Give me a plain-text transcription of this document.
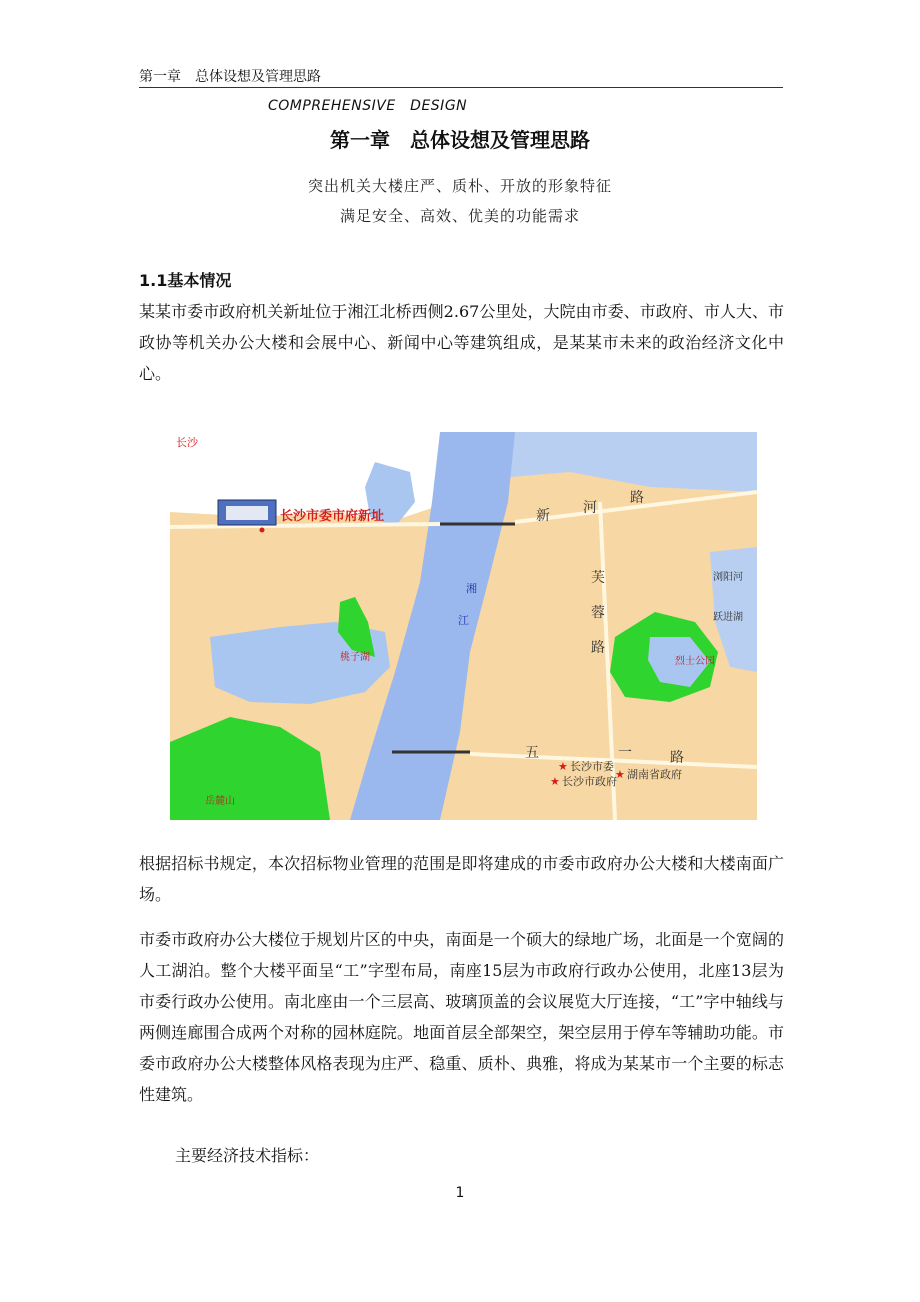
第一章　总体设想及管理思路
COMPREHENSIVE　DESIGN
第一章　总体设想及管理思路
突出机关大楼庄严、质朴、开放的形象特征
满足安全、高效、优美的功能需求
1.1基本情况
某某市委市政府机关新址位于湘江北桥西侧2.67公里处，大院由市委、市政府、市人大、市政协等机关办公大楼和会展中心、新闻中心等建筑组成，是某某市未来的政治经济文化中心。
长沙
长沙市委市府新址
湘
江
新 河
路
芙
蓉
路
五	一	路
浏阳河
跃进湖
烈士公园
桃子湖
岳麓山
★ 长沙市委
★ 长沙市政府
★ 湖南省政府
根据招标书规定，本次招标物业管理的范围是即将建成的市委市政府办公大楼和大楼南面广场。
市委市政府办公大楼位于规划片区的中央，南面是一个硕大的绿地广场，北面是一个宽阔的人工湖泊。整个大楼平面呈“工”字型布局，南座15层为市政府行政办公使用，北座13层为市委行政办公使用。南北座由一个三层高、玻璃顶盖的会议展览大厅连接，“工”字中轴线与两侧连廊围合成两个对称的园林庭院。地面首层全部架空，架空层用于停车等辅助功能。市委市政府办公大楼整体风格表现为庄严、稳重、质朴、典雅，将成为某某市一个主要的标志性建筑。
主要经济技术指标：
1
